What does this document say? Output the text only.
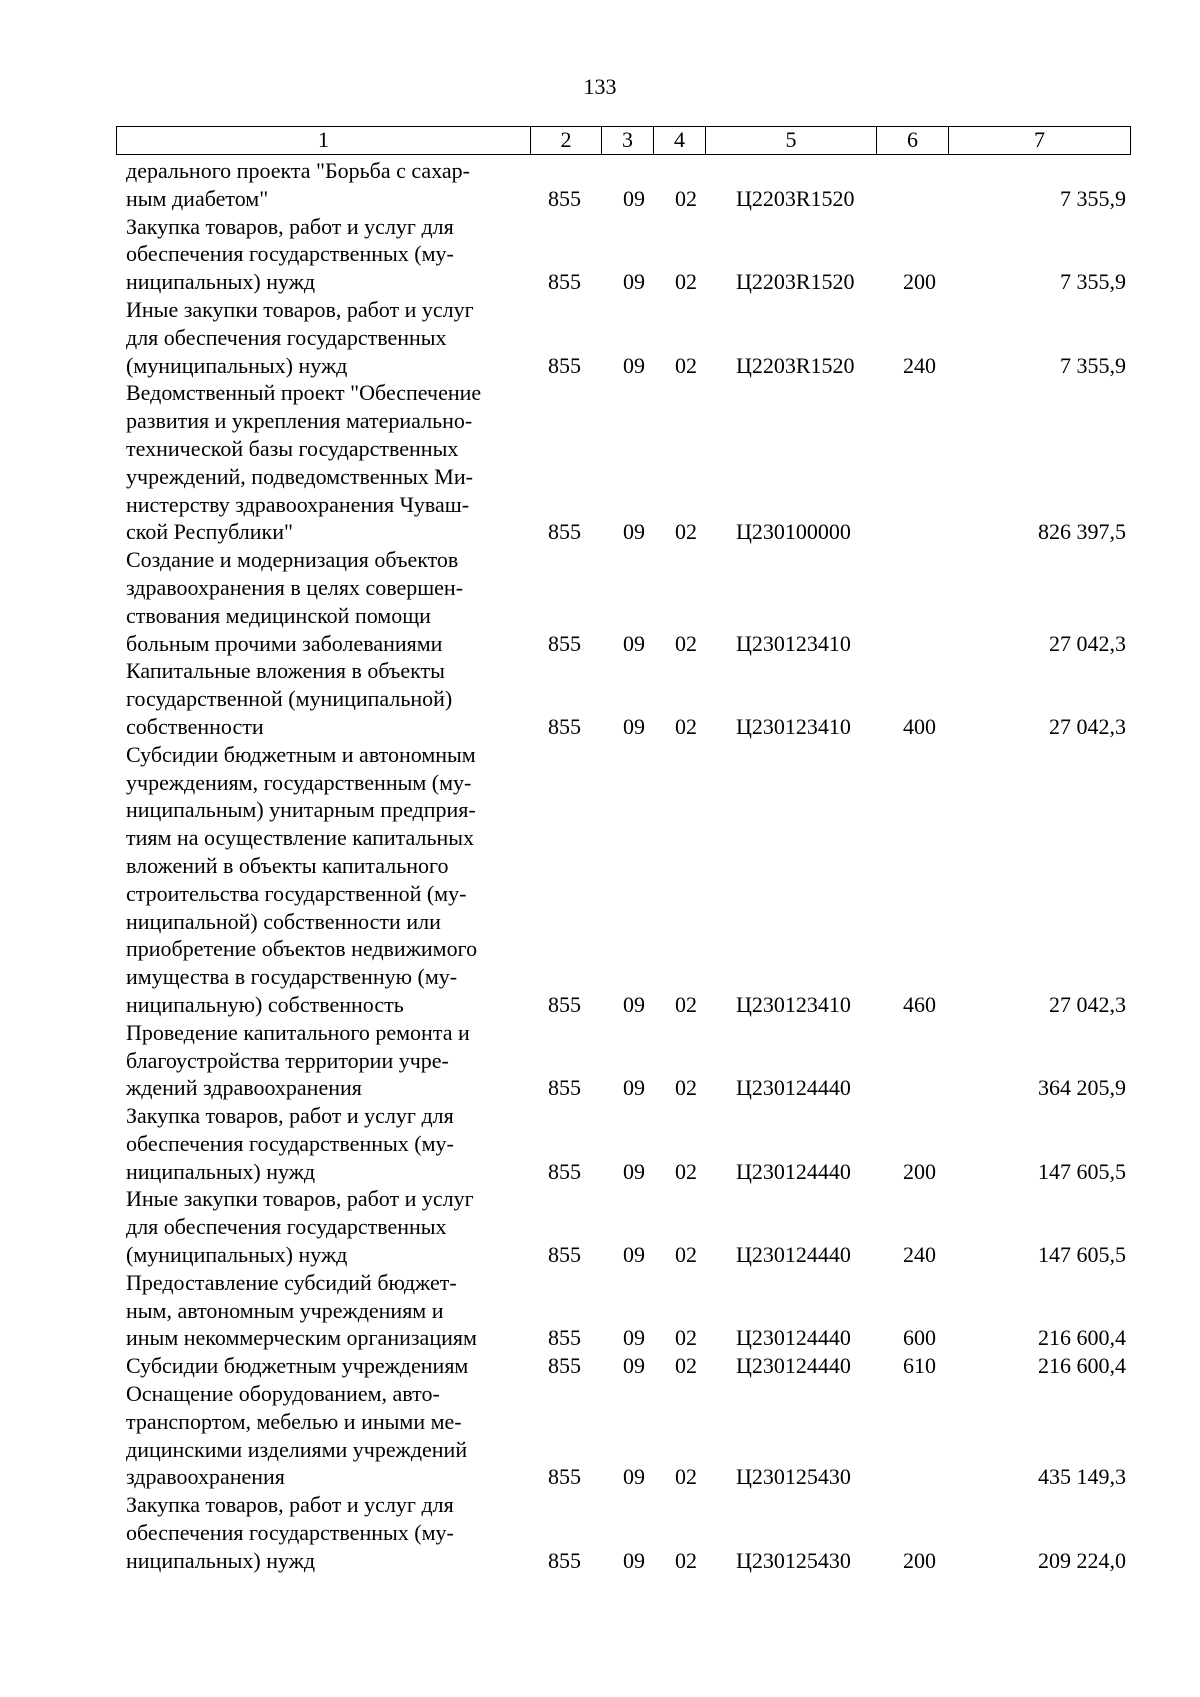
133
1	2	3	4	5	6	7
дерального проекта "Борьба с сахар-
ным диабетом"	855 09 02 Ц2203R1520	7 355,9
Закупка товаров, работ и услуг для
обеспечения государственных (му-
ниципальных) нужд	855 09 02 Ц2203R1520 200	7 355,9
Иные закупки товаров, работ и услуг
для обеспечения государственных
(муниципальных) нужд	855 09 02 Ц2203R1520 240	7 355,9
Ведомственный проект "Обеспечение
развития и укрепления материально-
технической базы государственных
учреждений, подведомственных Ми-
нистерству здравоохранения Чуваш-
ской Республики"	855 09 02 Ц230100000	826 397,5
Создание и модернизация объектов
здравоохранения в целях совершен-
ствования медицинской помощи
больным прочими заболеваниями	855 09 02 Ц230123410	27 042,3
Капитальные вложения в объекты
государственной (муниципальной)
собственности	855 09 02 Ц230123410 400	27 042,3
Субсидии бюджетным и автономным
учреждениям, государственным (му-
ниципальным) унитарным предприя-
тиям на осуществление капитальных
вложений в объекты капитального
строительства государственной (му-
ниципальной) собственности или
приобретение объектов недвижимого
имущества в государственную (му-
ниципальную) собственность	855 09 02 Ц230123410 460	27 042,3
Проведение капитального ремонта и
благоустройства территории учре-
ждений здравоохранения	855 09 02 Ц230124440	364 205,9
Закупка товаров, работ и услуг для
обеспечения государственных (му-
ниципальных) нужд	855 09 02 Ц230124440 200	147 605,5
Иные закупки товаров, работ и услуг
для обеспечения государственных
(муниципальных) нужд	855 09 02 Ц230124440 240	147 605,5
Предоставление субсидий бюджет-
ным, автономным учреждениям и
иным некоммерческим организациям	855 09 02 Ц230124440 600	216 600,4
Субсидии бюджетным учреждениям	855 09 02 Ц230124440 610	216 600,4
Оснащение оборудованием, авто-
транспортом, мебелью и иными ме-
дицинскими изделиями учреждений
здравоохранения	855 09 02 Ц230125430	435 149,3
Закупка товаров, работ и услуг для
обеспечения государственных (му-
ниципальных) нужд	855 09 02 Ц230125430 200	209 224,0
